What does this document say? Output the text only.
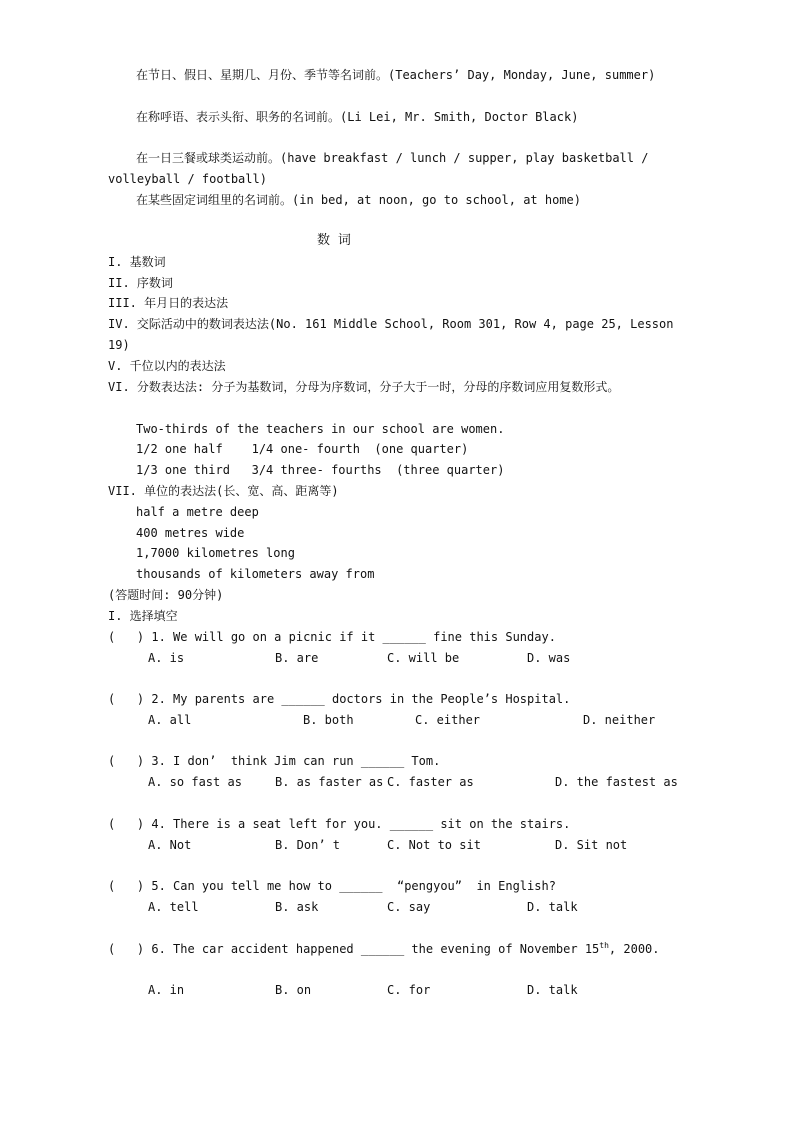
在节日、假日、星期几、月份、季节等名词前。(Teachers’ Day, Monday, June, summer)
在称呼语、表示头衔、职务的名词前。(Li Lei, Mr. Smith, Doctor Black)
在一日三餐或球类运动前。(have breakfast / lunch / supper, play basketball /
volleyball / football)
在某些固定词组里的名词前。(in bed, at noon, go to school, at home)
数 词
I. 基数词
II. 序数词
III. 年月日的表达法
IV. 交际活动中的数词表达法(No. 161 Middle School, Room 301, Row 4, page 25, Lesson
19)
V. 千位以内的表达法
VI. 分数表达法: 分子为基数词，分母为序数词，分子大于一时，分母的序数词应用复数形式。
Two-thirds of the teachers in our school are women.
1/2 one half    1/4 one- fourth  (one quarter)
1/3 one third   3/4 three- fourths  (three quarter)
VII. 单位的表达法(长、宽、高、距离等)
half a metre deep
400 metres wide
1,7000 kilometres long
thousands of kilometers away from
(答题时间: 90分钟)
I. 选择填空
(   ) 1. We will go on a picnic if it ______ fine this Sunday.
A. is	B. are	C. will be	D. was
(   ) 2. My parents are ______ doctors in the People’s Hospital.
A. all	B. both	C. either	D. neither
(   ) 3. I don’  think Jim can run ______ Tom.
A. so fast as	B. as faster as C. faster as	D. the fastest as
(   ) 4. There is a seat left for you. ______ sit on the stairs.
A. Not	B. Don’ t	C. Not to sit	D. Sit not
(   ) 5. Can you tell me how to ______  “pengyou”  in English?
A. tell	B. ask	C. say	D. talk
(   ) 6. The car accident happened ______ the evening of November 15th, 2000.
A. in	B. on	C. for	D. talk
